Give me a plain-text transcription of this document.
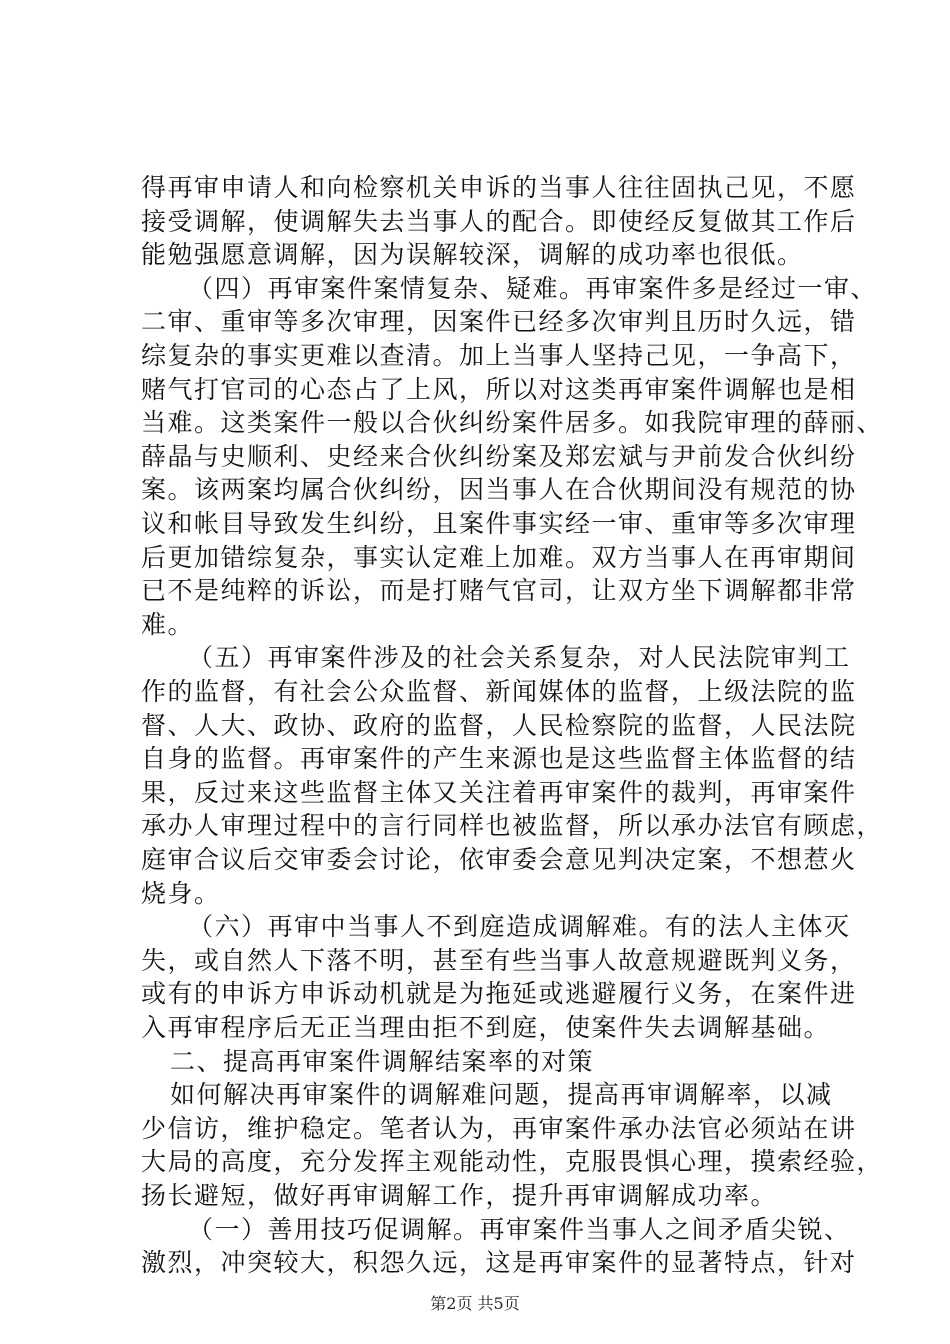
得再审申请人和向检察机关申诉的当事人往往固执己见，不愿
接受调解，使调解失去当事人的配合。即使经反复做其工作后
能勉强愿意调解，因为误解较深，调解的成功率也很低。
（四）再审案件案情复杂、疑难。再审案件多是经过一审、
二审、重审等多次审理，因案件已经多次审判且历时久远，错
综复杂的事实更难以查清。加上当事人坚持己见，一争高下，
赌气打官司的心态占了上风，所以对这类再审案件调解也是相
当难。这类案件一般以合伙纠纷案件居多。如我院审理的薛丽、
薛晶与史顺利、史经来合伙纠纷案及郑宏斌与尹前发合伙纠纷
案。该两案均属合伙纠纷，因当事人在合伙期间没有规范的协
议和帐目导致发生纠纷，且案件事实经一审、重审等多次审理
后更加错综复杂，事实认定难上加难。双方当事人在再审期间
已不是纯粹的诉讼，而是打赌气官司，让双方坐下调解都非常
难。
（五）再审案件涉及的社会关系复杂，对人民法院审判工
作的监督，有社会公众监督、新闻媒体的监督，上级法院的监
督、人大、政协、政府的监督，人民检察院的监督，人民法院
自身的监督。再审案件的产生来源也是这些监督主体监督的结
果，反过来这些监督主体又关注着再审案件的裁判，再审案件
承办人审理过程中的言行同样也被监督，所以承办法官有顾虑，
庭审合议后交审委会讨论，依审委会意见判决定案，不想惹火
烧身。
（六）再审中当事人不到庭造成调解难。有的法人主体灭
失，或自然人下落不明，甚至有些当事人故意规避既判义务，
或有的申诉方申诉动机就是为拖延或逃避履行义务，在案件进
入再审程序后无正当理由拒不到庭，使案件失去调解基础。
二、提高再审案件调解结案率的对策
如何解决再审案件的调解难问题，提高再审调解率，以减
少信访，维护稳定。笔者认为，再审案件承办法官必须站在讲
大局的高度，充分发挥主观能动性，克服畏惧心理，摸索经验，
扬长避短，做好再审调解工作，提升再审调解成功率。
（一）善用技巧促调解。再审案件当事人之间矛盾尖锐、
激烈，冲突较大，积怨久远，这是再审案件的显著特点，针对
第2页 共5页
